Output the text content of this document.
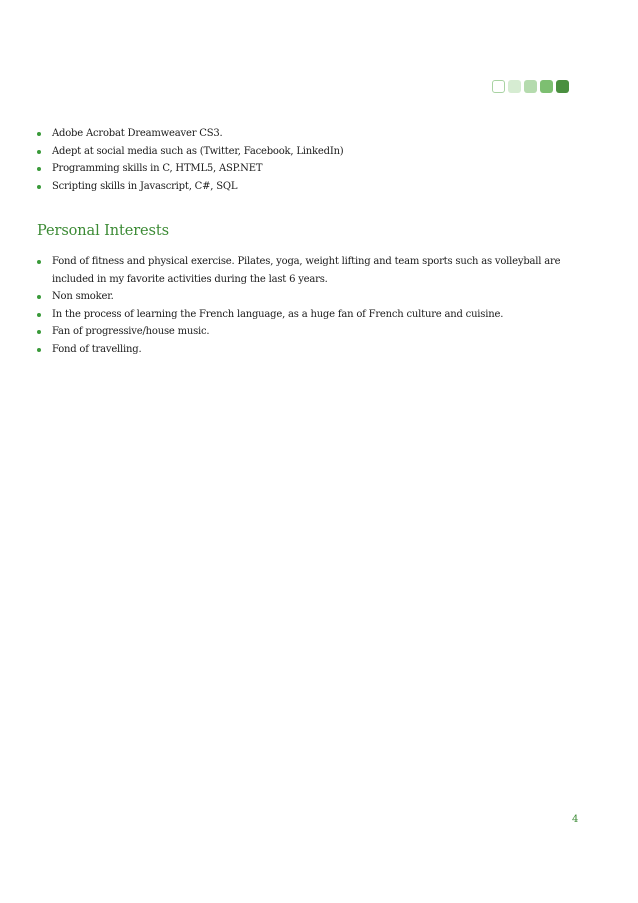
Adobe Acrobat Dreamweaver CS3.
Adept at social media such as (Twitter, Facebook, LinkedIn)
Programming skills in C, HTML5, ASP.NET
Scripting skills in Javascript, C#, SQL
Personal Interests
Fond of fitness and physical exercise. Pilates, yoga, weight lifting and team sports such as volleyball are included in my favorite activities during the last 6 years.
Non smoker.
In the process of learning the French language, as a huge fan of French culture and cuisine.
Fan of progressive/house music.
Fond of travelling.
4
